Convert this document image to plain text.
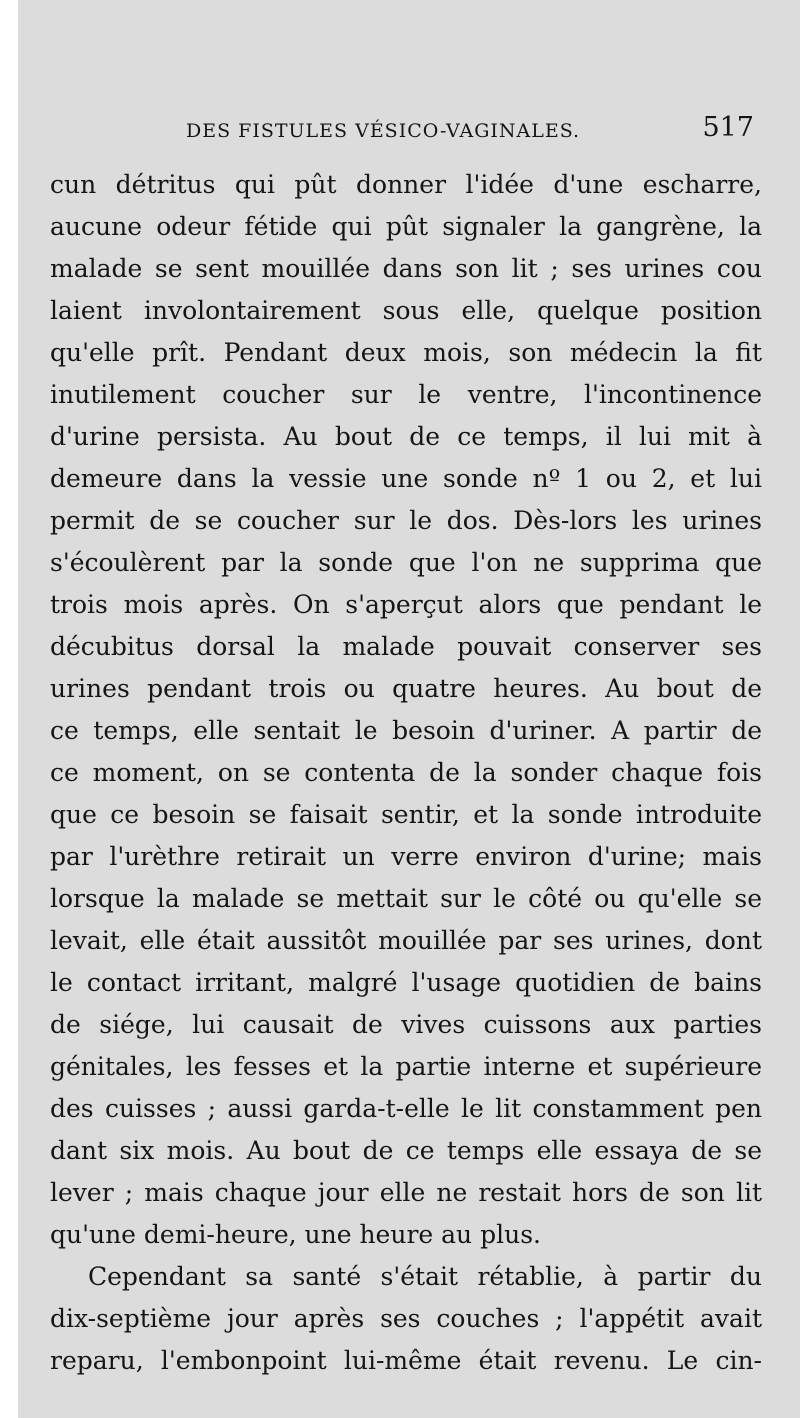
DES FISTULES VÉSICO-VAGINALES.	517
cun détritus qui pût donner l'idée d'une escharre,
aucune odeur fétide qui pût signaler la gangrène, la
malade se sent mouillée dans son lit ; ses urines cou
laient involontairement sous elle, quelque position
qu'elle prît. Pendant deux mois, son médecin la fit
inutilement coucher sur le ventre, l'incontinence
d'urine persista. Au bout de ce temps, il lui mit à
demeure dans la vessie une sonde nº 1 ou 2, et lui
permit de se coucher sur le dos. Dès-lors les urines
s'écoulèrent par la sonde que l'on ne supprima que
trois mois après. On s'aperçut alors que pendant le
décubitus dorsal la malade pouvait conserver ses
urines pendant trois ou quatre heures. Au bout de
ce temps, elle sentait le besoin d'uriner. A partir de
ce moment, on se contenta de la sonder chaque fois
que ce besoin se faisait sentir, et la sonde introduite
par l'urèthre retirait un verre environ d'urine; mais
lorsque la malade se mettait sur le côté ou qu'elle se
levait, elle était aussitôt mouillée par ses urines, dont
le contact irritant, malgré l'usage quotidien de bains
de siége, lui causait de vives cuissons aux parties
génitales, les fesses et la partie interne et supérieure
des cuisses ; aussi garda-t-elle le lit constamment pen
dant six mois. Au bout de ce temps elle essaya de se
lever ; mais chaque jour elle ne restait hors de son lit
qu'une demi-heure, une heure au plus.
Cependant sa santé s'était rétablie, à partir du
dix-septième jour après ses couches ; l'appétit avait
reparu, l'embonpoint lui-même était revenu. Le cin-
